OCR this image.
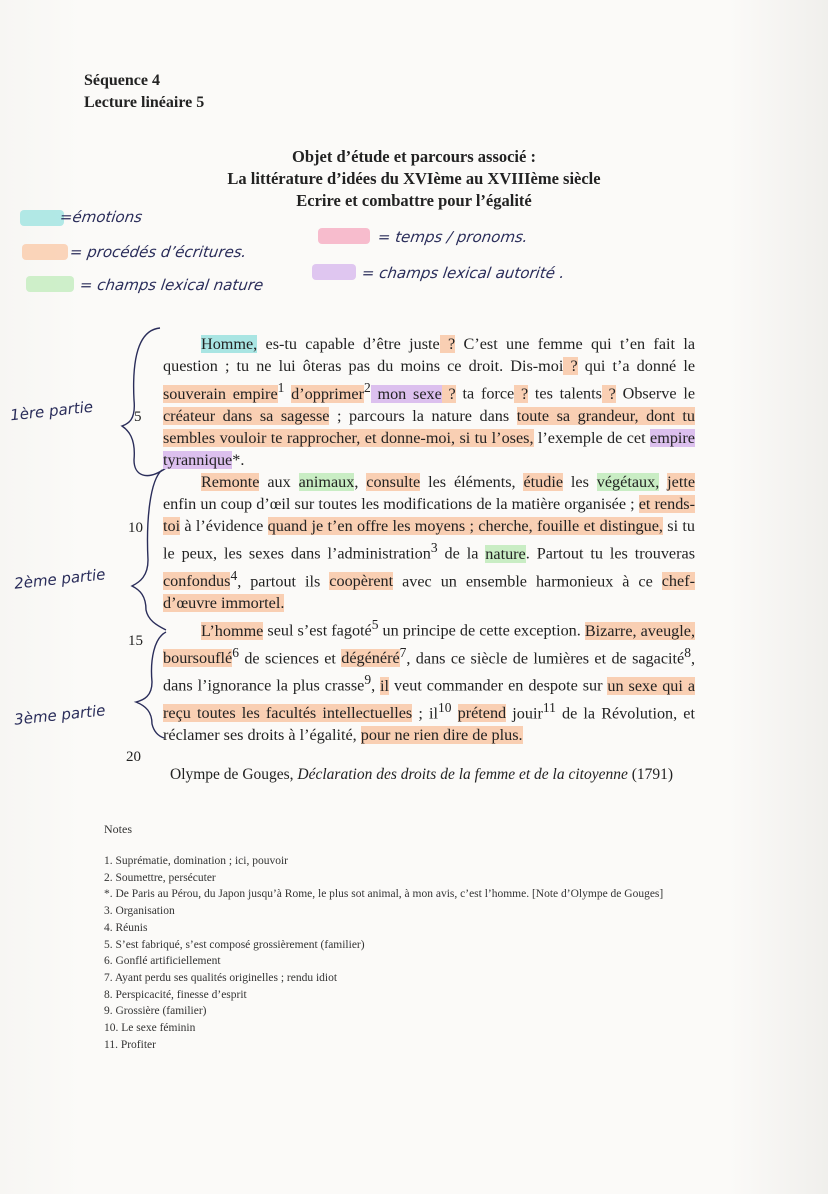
Séquence 4
Lecture linéaire 5
Objet d’étude et parcours associé :
La littérature d’idées du XVIème au XVIIIème siècle
Ecrire et combattre pour l’égalité
=émotions
= procédés d’écritures.
= champs lexical nature
= temps / pronoms.
= champs lexical autorité .
1ère partie
2ème partie
3ème partie
5
10
15
20

Homme, es-tu capable d’être juste ? C’est une femme qui t’en fait la question ; tu ne lui ôteras pas du moins ce droit. Dis-moi ? qui t’a donné le souverain empire$^1$ d’opprimer$^2$ mon sexe ? ta force ? tes talents ? Observe le créateur dans sa sagesse ; parcours la nature dans toute sa grandeur, dont tu sembles vouloir te rapprocher, et donne-moi, si tu l’oses, l’exemple de cet empire tyrannique*.

Remonte aux animaux, consulte les éléments, étudie les végétaux, jette enfin un coup d’œil sur toutes les modifications de la matière organisée ; et rends-toi à l’évidence quand je t’en offre les moyens ; cherche, fouille et distingue, si tu le peux, les sexes dans l’administration$^3$ de la nature. Partout tu les trouveras confondus$^4$, partout ils coopèrent avec un ensemble harmonieux à ce chef-d’œuvre immortel.

L’homme seul s’est fagoté$^5$ un principe de cette exception. Bizarre, aveugle, boursouflé$^6$ de sciences et dégénéré$^7$, dans ce siècle de lumières et de sagacité$^8$, dans l’ignorance la plus crasse$^9$, il veut commander en despote sur un sexe qui a reçu toutes les facultés intellectuelles ; $il^{10}$ prétend jouir$^{11}$ de la Révolution, et réclamer ses droits à l’égalité, pour ne rien dire de plus.

Olympe de Gouges, Déclaration des droits de la femme et de la citoyenne (1791)
Notes
1. Suprématie, domination ; ici, pouvoir
2. Soumettre, persécuter
*. De Paris au Pérou, du Japon jusqu’à Rome, le plus sot animal, à mon avis, c’est l’homme. [Note d’Olympe de Gouges]
3. Organisation
4. Réunis
5. S’est fabriqué, s’est composé grossièrement (familier)
6. Gonflé artificiellement
7. Ayant perdu ses qualités originelles ; rendu idiot
8. Perspicacité, finesse d’esprit
9. Grossière (familier)
10. Le sexe féminin
11. Profiter
